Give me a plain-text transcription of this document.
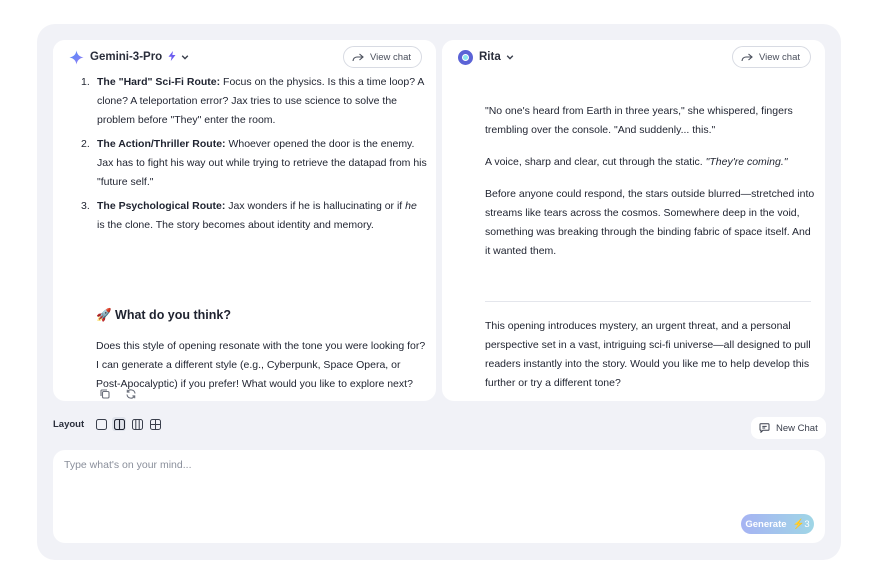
1. The "Hard" Sci-Fi Route: Focus on the physics. Is this a time loop? A clone? A teleportation error? Jax tries to use science to solve the problem before "They" enter the room.
2. The Action/Thriller Route: Whoever opened the door is the enemy. Jax has to fight his way out while trying to retrieve the datapad from his "future self."
3. The Psychological Route: Jax wonders if he is hallucinating or if he is the clone. The story becomes about identity and memory.
🚀 What do you think?
Does this style of opening resonate with the tone you were looking for? I can generate a different style (e.g., Cyberpunk, Space Opera, or Post-Apocalyptic) if you prefer! What would you like to explore next?
Gemini-3-Pro	View chat
"No one's heard from Earth in three years," she whispered, fingers trembling over the console. "And suddenly... this."
A voice, sharp and clear, cut through the static. "They're coming."
Before anyone could respond, the stars outside blurred—stretched into streams like tears across the cosmos. Somewhere deep in the void, something was breaking through the binding fabric of space itself. And it wanted them.
This opening introduces mystery, an urgent threat, and a personal perspective set in a vast, intriguing sci-fi universe—all designed to pull readers instantly into the story. Would you like me to help develop this further or try a different tone?
Rita	View chat
Layout	New Chat
Type what's on your mind...
Generate ⚡3
